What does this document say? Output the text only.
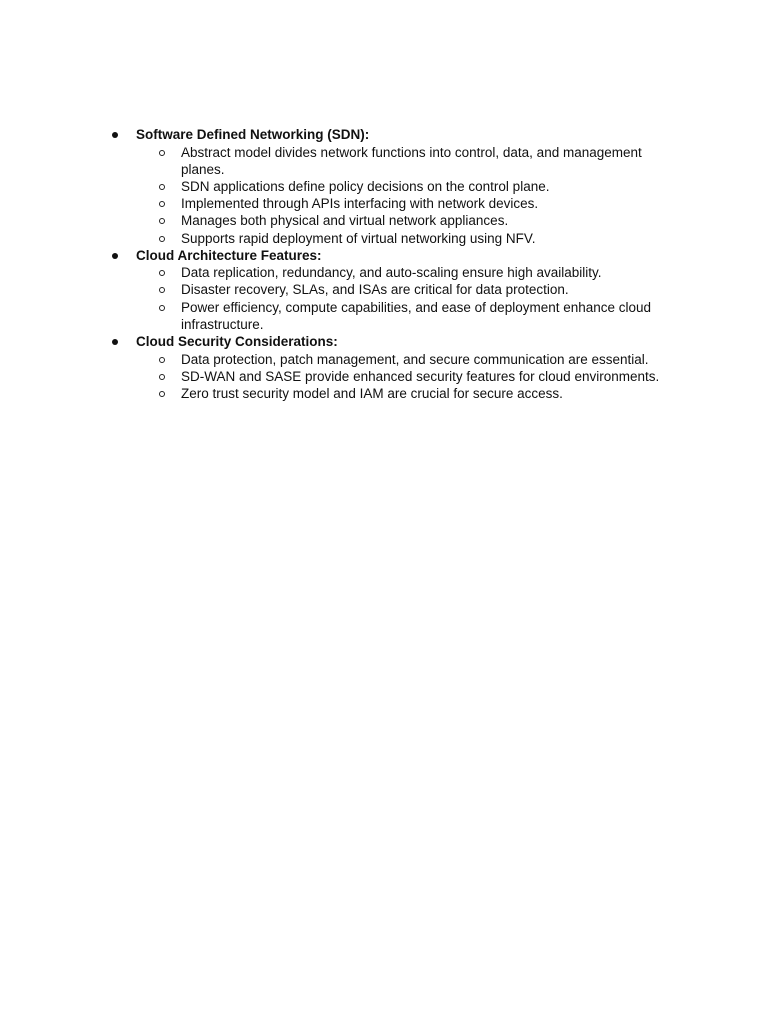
Software Defined Networking (SDN):
Abstract model divides network functions into control, data, and management planes.
SDN applications define policy decisions on the control plane.
Implemented through APIs interfacing with network devices.
Manages both physical and virtual network appliances.
Supports rapid deployment of virtual networking using NFV.
Cloud Architecture Features:
Data replication, redundancy, and auto-scaling ensure high availability.
Disaster recovery, SLAs, and ISAs are critical for data protection.
Power efficiency, compute capabilities, and ease of deployment enhance cloud infrastructure.
Cloud Security Considerations:
Data protection, patch management, and secure communication are essential.
SD-WAN and SASE provide enhanced security features for cloud environments.
Zero trust security model and IAM are crucial for secure access.
